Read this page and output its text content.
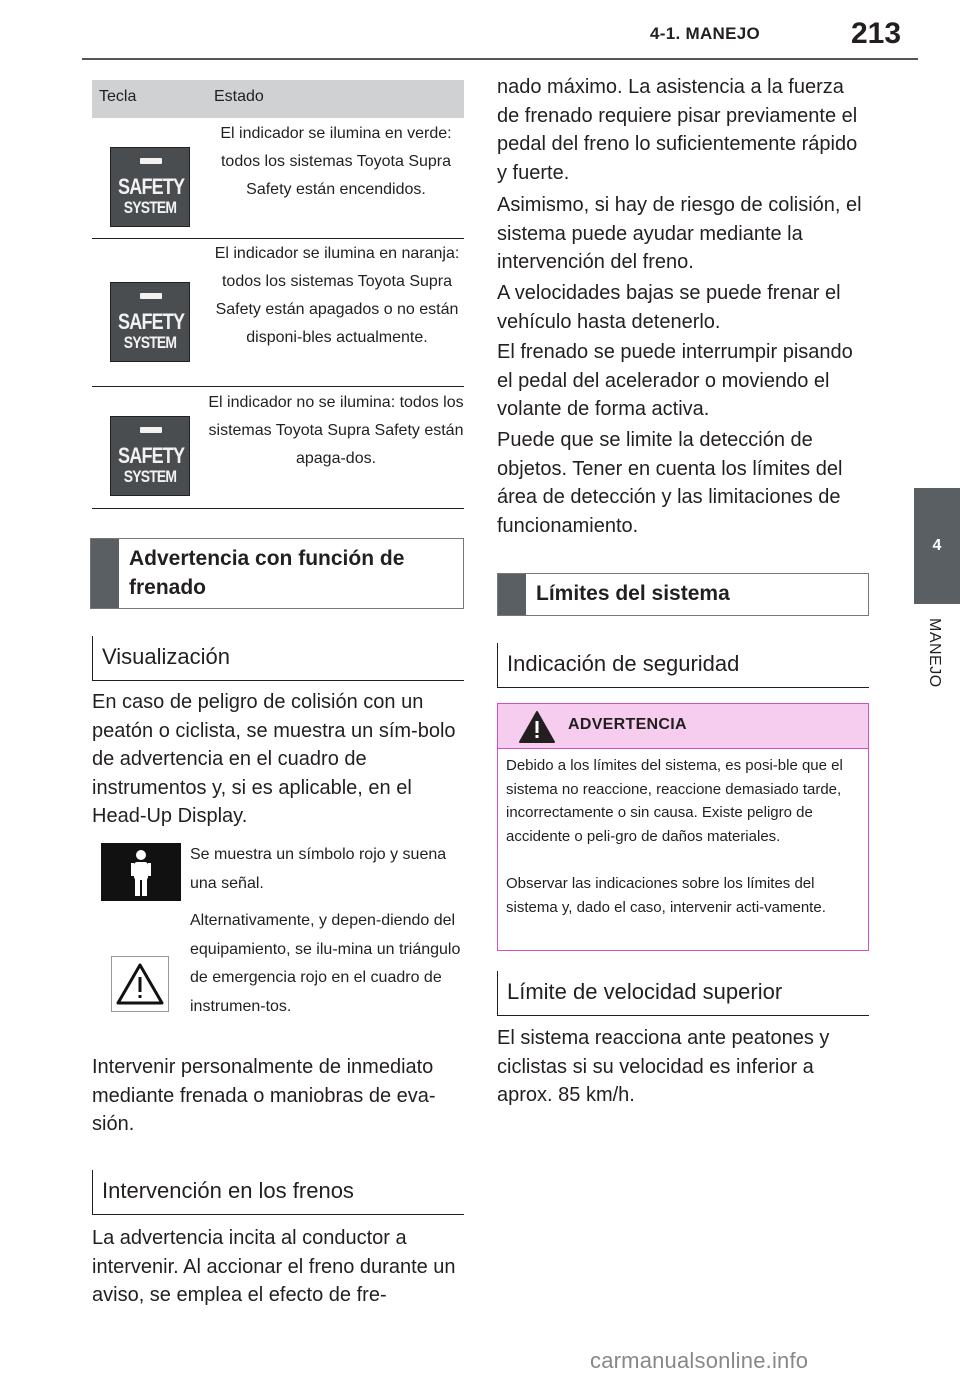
4-1. MANEJO	213
4
MANEJO
Tecla	Estado
SAFETY
SYSTEM
El indicador se ilumina en verde: todos los sistemas Toyota Supra Safety están encendidos.
SAFETY
SYSTEM
El indicador se ilumina en naranja: todos los sistemas Toyota Supra Safety están apagados o no están disponi-bles actualmente.
SAFETY
SYSTEM
El indicador no se ilumina: todos los sistemas Toyota Supra Safety están apaga-dos.
Advertencia con función de frenado
Visualización
En caso de peligro de colisión con un peatón o ciclista, se muestra un sím-bolo de advertencia en el cuadro de instrumentos y, si es aplicable, en el Head-Up Display.
Se muestra un símbolo rojo y suena una señal.
Alternativamente, y depen-diendo del equipamiento, se ilu-mina un triángulo de emergencia rojo en el cuadro de instrumen-tos.
Intervenir personalmente de inmediato mediante frenada o maniobras de eva-sión.
Intervención en los frenos
La advertencia incita al conductor a intervenir. Al accionar el freno durante un aviso, se emplea el efecto de fre-
nado máximo. La asistencia a la fuerza de frenado requiere pisar previamente el pedal del freno lo suficientemente rápido y fuerte.
Asimismo, si hay de riesgo de colisión, el sistema puede ayudar mediante la intervención del freno.
A velocidades bajas se puede frenar el vehículo hasta detenerlo.
El frenado se puede interrumpir pisando el pedal del acelerador o moviendo el volante de forma activa.
Puede que se limite la detección de objetos. Tener en cuenta los límites del área de detección y las limitaciones de funcionamiento.
Límites del sistema
Indicación de seguridad
ADVERTENCIA
Debido a los límites del sistema, es posi-ble que el sistema no reaccione, reaccione demasiado tarde, incorrectamente o sin causa. Existe peligro de accidente o peli-gro de daños materiales.
Observar las indicaciones sobre los límites del sistema y, dado el caso, intervenir acti-vamente.
Límite de velocidad superior
El sistema reacciona ante peatones y ciclistas si su velocidad es inferior a aprox. 85 km/h.
carmanualsonline.info
